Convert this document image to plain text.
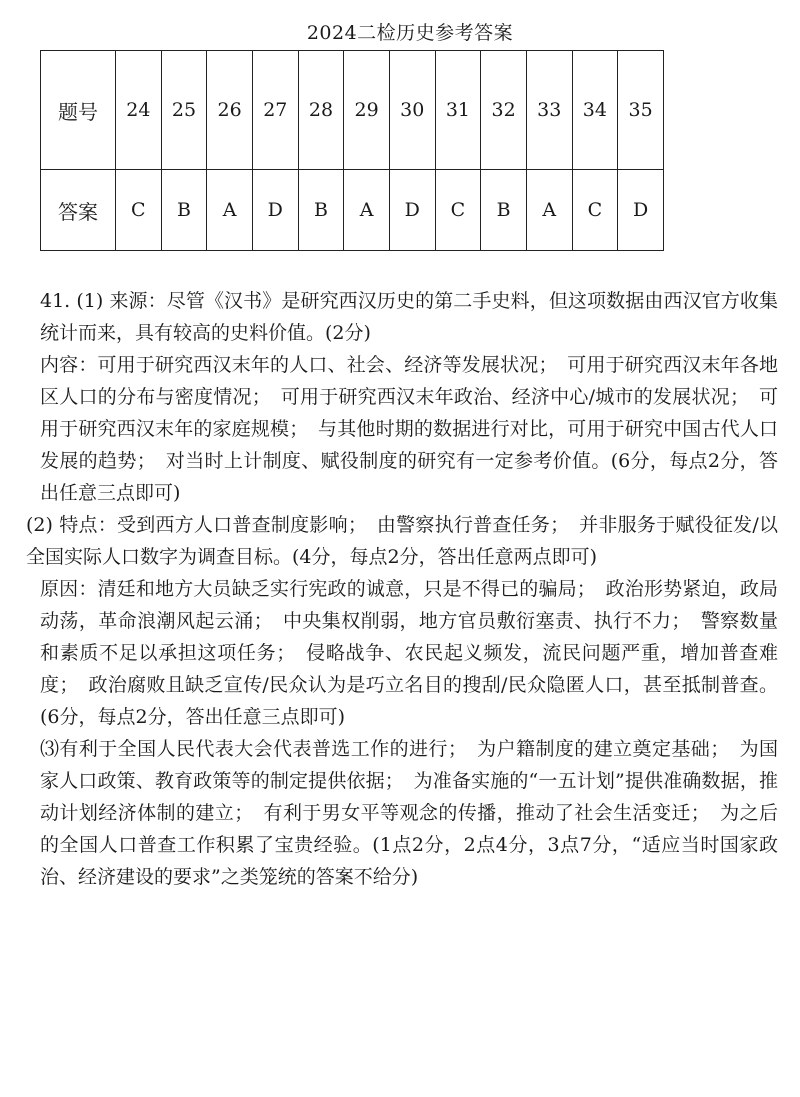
2024二检历史参考答案
题号	24	25	26	27	28	29	30	31	32	33	34	35
答案	C	B	A	D	B	A	D	C	B	A	C	D

41. (1) 来源：尽管《汉书》是研究西汉历史的第二手史料，但这项数据由西汉官方收集统计而来，具有较高的史料价值。(2分)

内容：可用于研究西汉末年的人口、社会、经济等发展状况；　可用于研究西汉末年各地区人口的分布与密度情况；　可用于研究西汉末年政治、经济中心/城市的发展状况；　可用于研究西汉末年的家庭规模；　与其他时期的数据进行对比，可用于研究中国古代人口发展的趋势；　对当时上计制度、赋役制度的研究有一定参考价值。(6分，每点2分，答出任意三点即可)

(2) 特点：受到西方人口普查制度影响；　由警察执行普查任务；　并非服务于赋役征发/以全国实际人口数字为调查目标。(4分，每点2分，答出任意两点即可)

原因：清廷和地方大员缺乏实行宪政的诚意，只是不得已的骗局；　政治形势紧迫，政局动荡，革命浪潮风起云涌；　中央集权削弱，地方官员敷衍塞责、执行不力；　警察数量和素质不足以承担这项任务；　侵略战争、农民起义频发，流民问题严重，增加普查难度；　政治腐败且缺乏宣传/民众认为是巧立名目的搜刮/民众隐匿人口，甚至抵制普查。(6分，每点2分，答出任意三点即可)

⑶有利于全国人民代表大会代表普选工作的进行；　为户籍制度的建立奠定基础；　为国家人口政策、教育政策等的制定提供依据；　为准备实施的“一五计划”提供准确数据，推动计划经济体制的建立；　有利于男女平等观念的传播，推动了社会生活变迁；　为之后的全国人口普查工作积累了宝贵经验。(1点2分，2点4分，3点7分，“适应当时国家政治、经济建设的要求”之类笼统的答案不给分)
